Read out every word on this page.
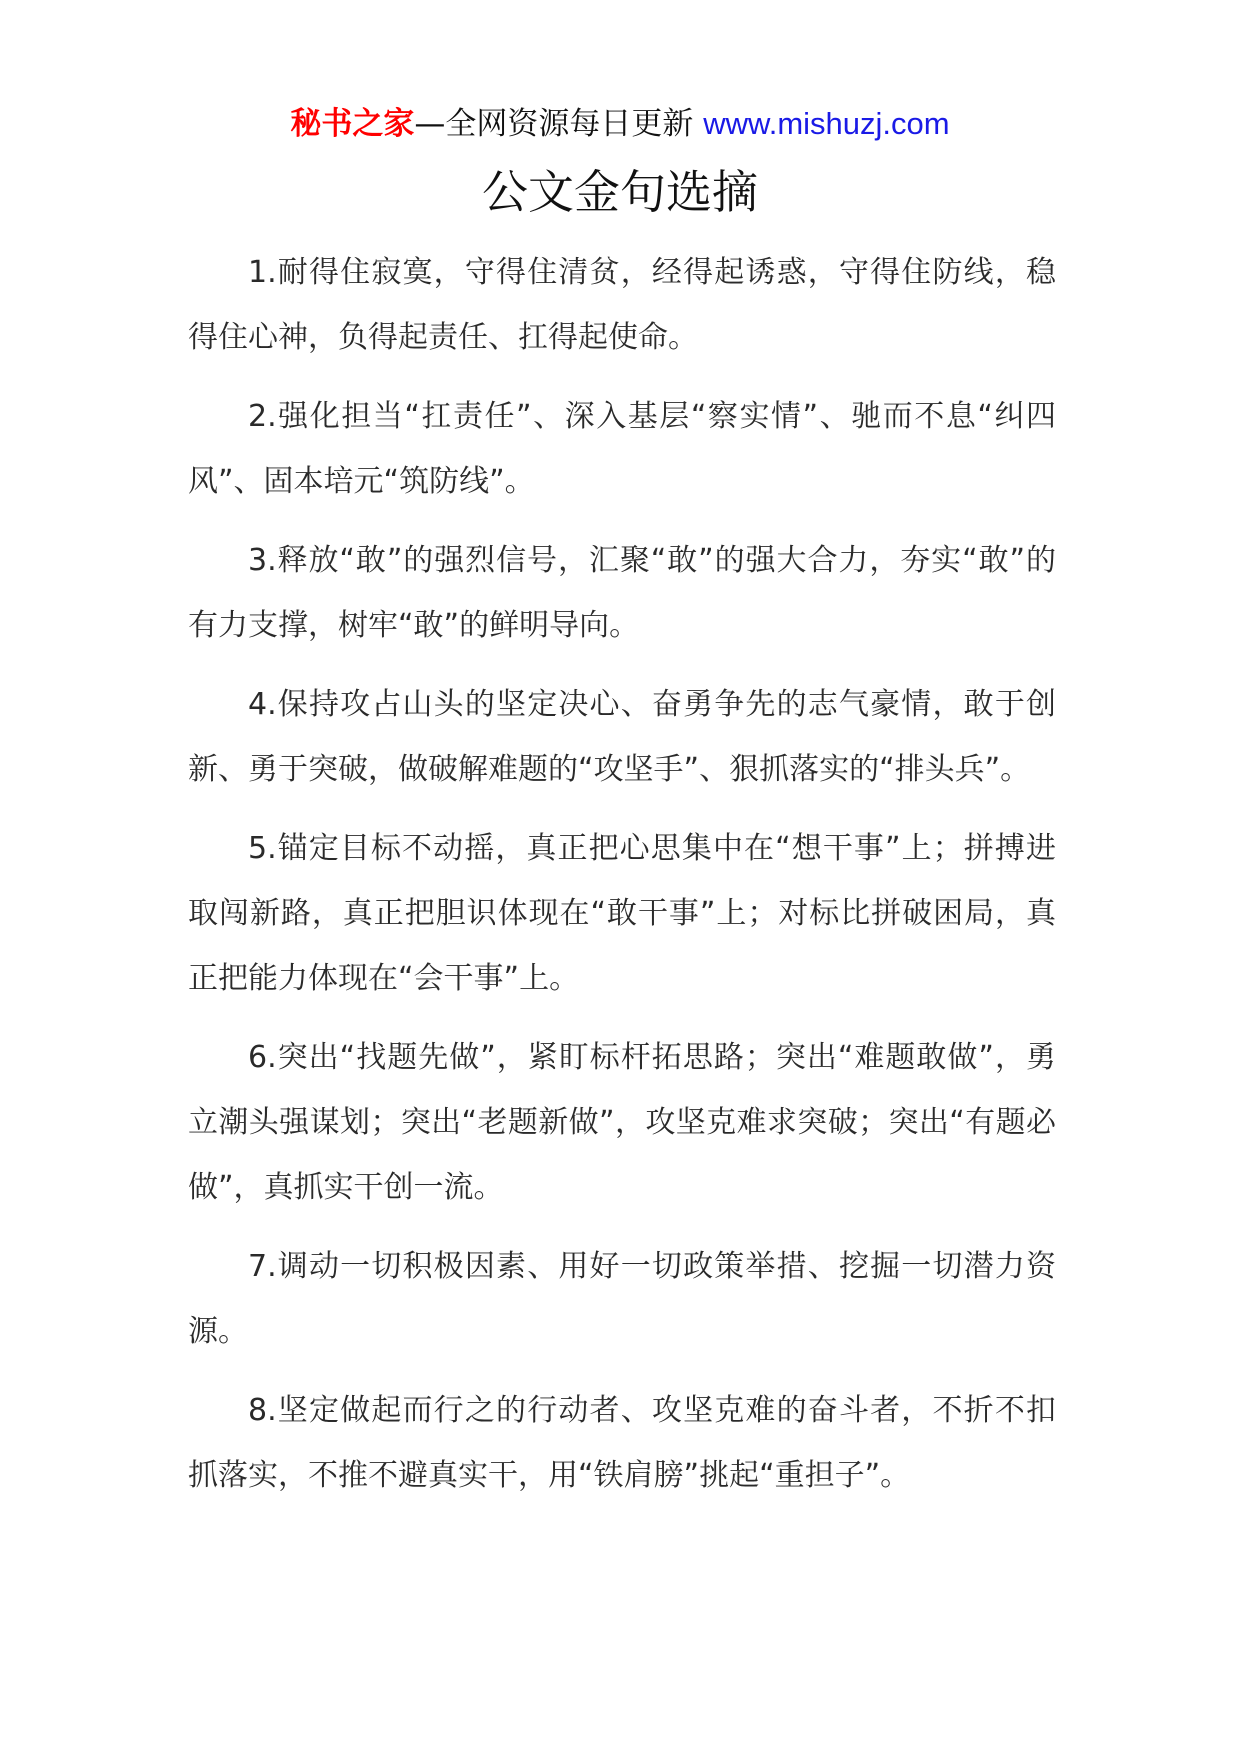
秘书之家—全网资源每日更新 www.mishuzj.com
公文金句选摘

1.耐得住寂寞，守得住清贫，经得起诱惑，守得住防线，稳得住心神，负得起责任、扛得起使命。

2.强化担当“扛责任”、深入基层“察实情”、驰而不息“纠四风”、固本培元“筑防线”。

3.释放“敢”的强烈信号，汇聚“敢”的强大合力，夯实“敢”的有力支撑，树牢“敢”的鲜明导向。

4.保持攻占山头的坚定决心、奋勇争先的志气豪情，敢于创新、勇于突破，做破解难题的“攻坚手”、狠抓落实的“排头兵”。

5.锚定目标不动摇，真正把心思集中在“想干事”上；拼搏进取闯新路，真正把胆识体现在“敢干事”上；对标比拼破困局，真正把能力体现在“会干事”上。

6.突出“找题先做”，紧盯标杆拓思路；突出“难题敢做”，勇立潮头强谋划；突出“老题新做”，攻坚克难求突破；突出“有题必做”，真抓实干创一流。

7.调动一切积极因素、用好一切政策举措、挖掘一切潜力资源。

8.坚定做起而行之的行动者、攻坚克难的奋斗者，不折不扣抓落实，不推不避真实干，用“铁肩膀”挑起“重担子”。
